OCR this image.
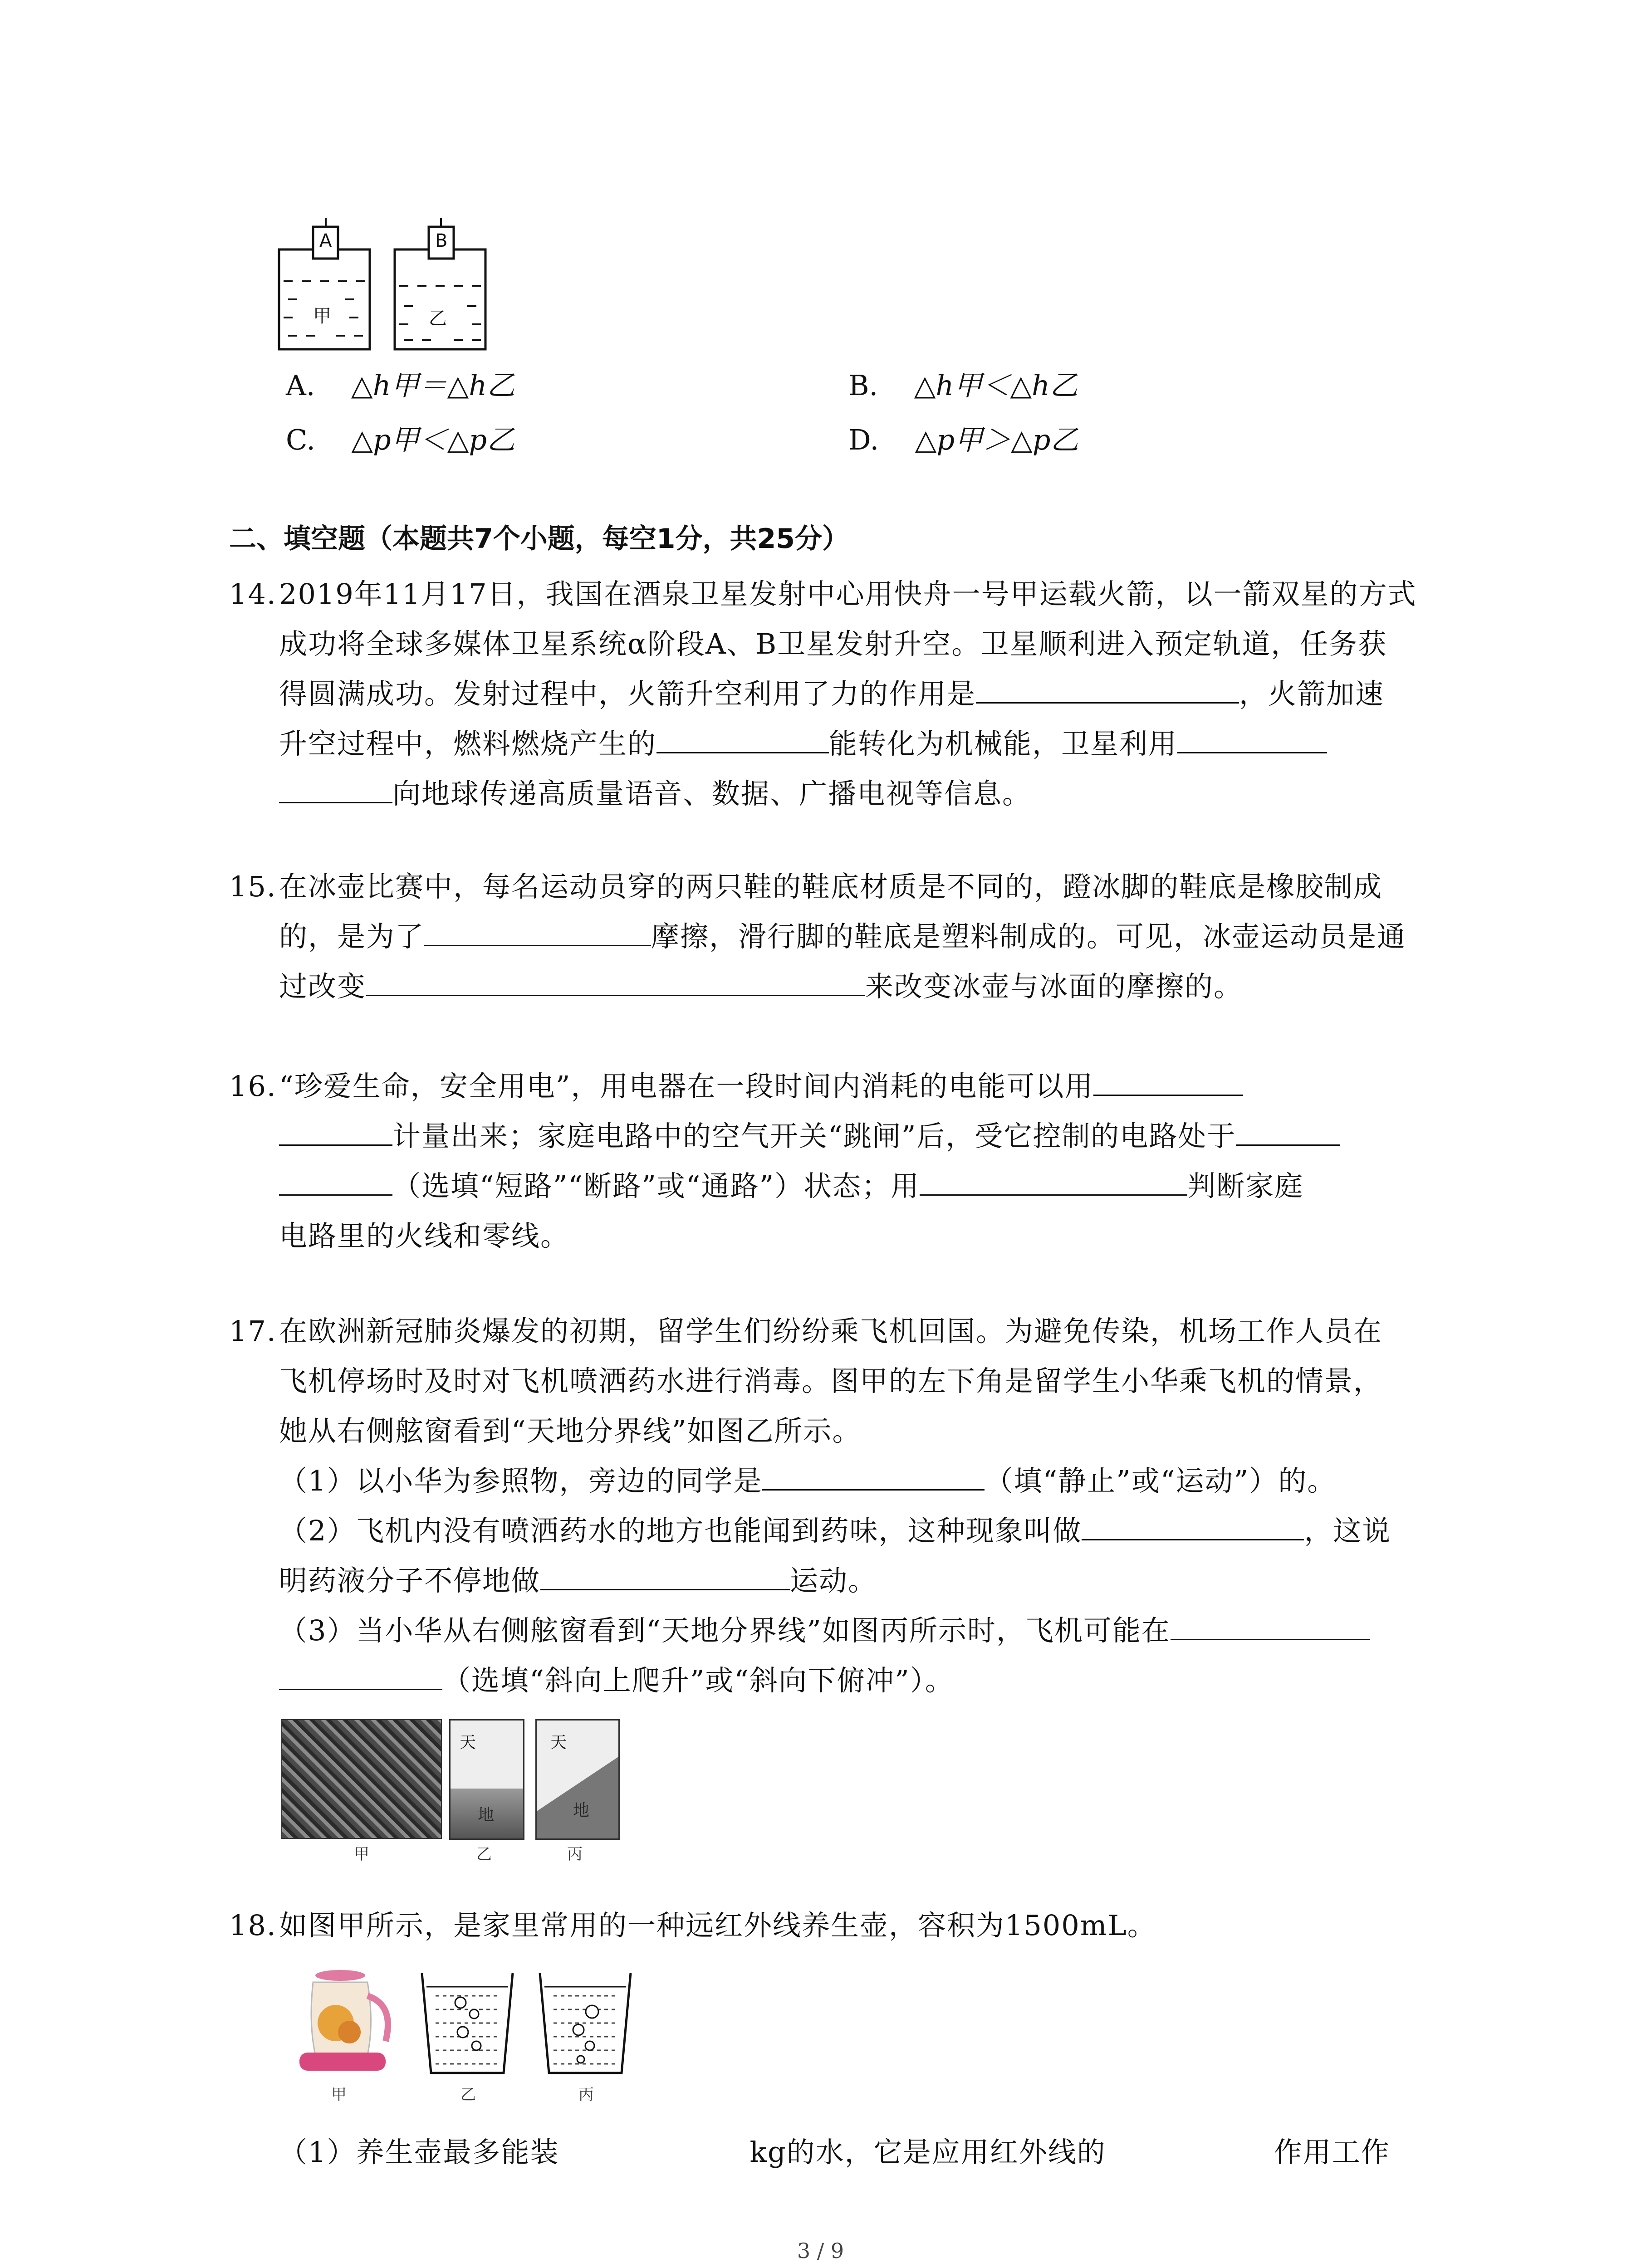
A	B
甲	乙
A. △h甲＝△h乙	B. △h甲＜△h乙
C. △p甲＜△p乙	D. △p甲＞△p乙
二、填空题（本题共7个小题，每空1分，共25分）
14. 2019年11月17日，我国在酒泉卫星发射中心用快舟一号甲运载火箭，以一箭双星的方式
成功将全球多媒体卫星系统α阶段A、B卫星发射升空。卫星顺利进入预定轨道，任务获
得圆满成功。发射过程中，火箭升空利用了力的作用是	，火箭加速
升空过程中，燃料燃烧产生的	能转化为机械能，卫星利用
向地球传递高质量语音、数据、广播电视等信息。
15. 在冰壶比赛中，每名运动员穿的两只鞋的鞋底材质是不同的，蹬冰脚的鞋底是橡胶制成
的，是为了	摩擦，滑行脚的鞋底是塑料制成的。可见，冰壶运动员是通
过改变	来改变冰壶与冰面的摩擦的。
16. “珍爱生命，安全用电”，用电器在一段时间内消耗的电能可以用
计量出来；家庭电路中的空气开关“跳闸”后，受它控制的电路处于
（选填“短路”“断路”或“通路”）状态；用	判断家庭
电路里的火线和零线。
17. 在欧洲新冠肺炎爆发的初期，留学生们纷纷乘飞机回国。为避免传染，机场工作人员在
飞机停场时及时对飞机喷洒药水进行消毒。图甲的左下角是留学生小华乘飞机的情景，
她从右侧舷窗看到“天地分界线”如图乙所示。
（1）以小华为参照物，旁边的同学是	（填“静止”或“运动”）的。
（2）飞机内没有喷洒药水的地方也能闻到药味，这种现象叫做	，这说
明药液分子不停地做	运动。
（3）当小华从右侧舷窗看到“天地分界线”如图丙所示时，飞机可能在
（选填“斜向上爬升”或“斜向下俯冲”）。
天
地
天
地
甲	乙	丙
18. 如图甲所示，是家里常用的一种远红外线养生壶，容积为1500mL。
甲	乙	丙
（1）养生壶最多能装	kg的水，它是应用红外线的	作用工作
3 / 9
